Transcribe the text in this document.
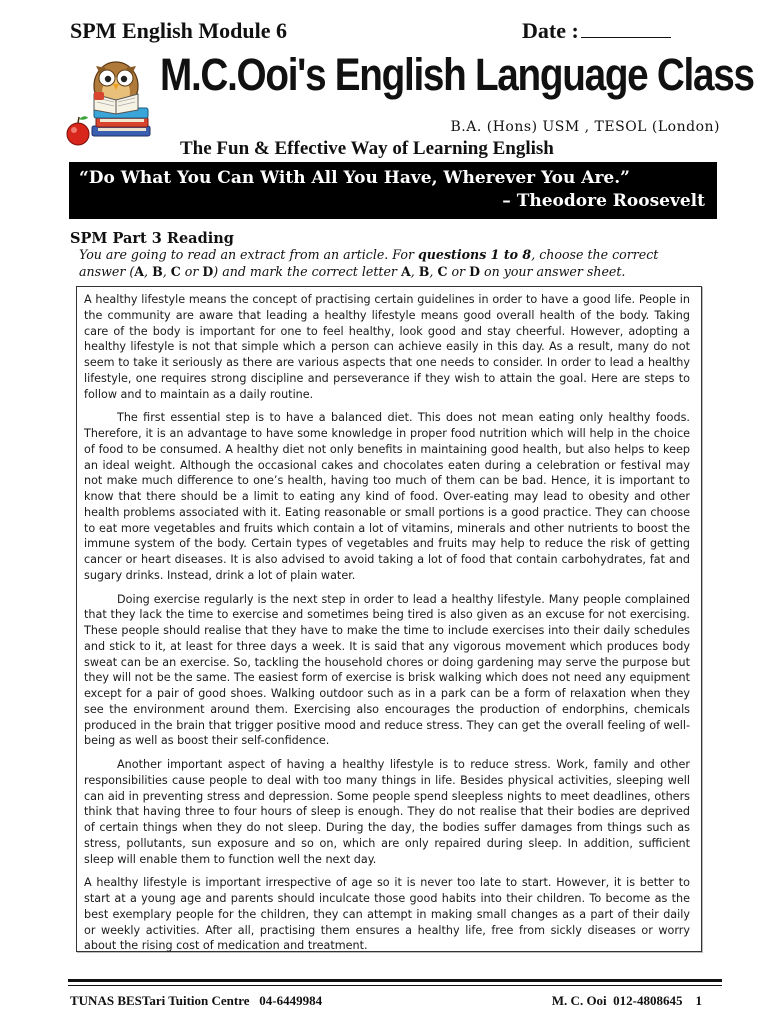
SPM English Module 6	Date :
M.C.Ooi's English Language Class
B.A. (Hons) USM , TESOL (London)
The Fun & Effective Way of Learning English
“Do What You Can With All You Have, Wherever You Are.”
– Theodore Roosevelt
SPM Part 3 Reading
You are going to read an extract from an article. For questions 1 to 8, choose the correct answer (A, B, C or D) and mark the correct letter A, B, C or D on your answer sheet.

A healthy lifestyle means the concept of practising certain guidelines in order to have a good life. People in the community are aware that leading a healthy lifestyle means good overall health of the body. Taking care of the body is important for one to feel healthy, look good and stay cheerful. However, adopting a healthy lifestyle is not that simple which a person can achieve easily in this day. As a result, many do not seem to take it seriously as there are various aspects that one needs to consider. In order to lead a healthy lifestyle, one requires strong discipline and perseverance if they wish to attain the goal. Here are steps to follow and to maintain as a daily routine.

The first essential step is to have a balanced diet. This does not mean eating only healthy foods. Therefore, it is an advantage to have some knowledge in proper food nutrition which will help in the choice of food to be consumed. A healthy diet not only benefits in maintaining good health, but also helps to keep an ideal weight. Although the occasional cakes and chocolates eaten during a celebration or festival may not make much difference to one’s health, having too much of them can be bad. Hence, it is important to know that there should be a limit to eating any kind of food. Over-eating may lead to obesity and other health problems associated with it. Eating reasonable or small portions is a good practice. They can choose to eat more vegetables and fruits which contain a lot of vitamins, minerals and other nutrients to boost the immune system of the body. Certain types of vegetables and fruits may help to reduce the risk of getting cancer or heart diseases. It is also advised to avoid taking a lot of food that contain carbohydrates, fat and sugary drinks. Instead, drink a lot of plain water.

Doing exercise regularly is the next step in order to lead a healthy lifestyle. Many people complained that they lack the time to exercise and sometimes being tired is also given as an excuse for not exercising. These people should realise that they have to make the time to include exercises into their daily schedules and stick to it, at least for three days a week. It is said that any vigorous movement which produces body sweat can be an exercise. So, tackling the household chores or doing gardening may serve the purpose but they will not be the same. The easiest form of exercise is brisk walking which does not need any equipment except for a pair of good shoes. Walking outdoor such as in a park can be a form of relaxation when they see the environment around them. Exercising also encourages the production of endorphins, chemicals produced in the brain that trigger positive mood and reduce stress. They can get the overall feeling of well-being as well as boost their self-confidence.

Another important aspect of having a healthy lifestyle is to reduce stress. Work, family and other responsibilities cause people to deal with too many things in life. Besides physical activities, sleeping well can aid in preventing stress and depression. Some people spend sleepless nights to meet deadlines, others think that having three to four hours of sleep is enough. They do not realise that their bodies are deprived of certain things when they do not sleep. During the day, the bodies suffer damages from things such as stress, pollutants, sun exposure and so on, which are only repaired during sleep. In addition, sufficient sleep will enable them to function well the next day.

A healthy lifestyle is important irrespective of age so it is never too late to start. However, it is better to start at a young age and parents should inculcate those good habits into their children. To become as the best exemplary people for the children, they can attempt in making small changes as a part of their daily or weekly activities. After all, practising them ensures a healthy life, free from sickly diseases or worry about the rising cost of medication and treatment.

TUNAS BESTari Tuition Centre   04-6449984	M. C. Ooi  012-4808645    1
